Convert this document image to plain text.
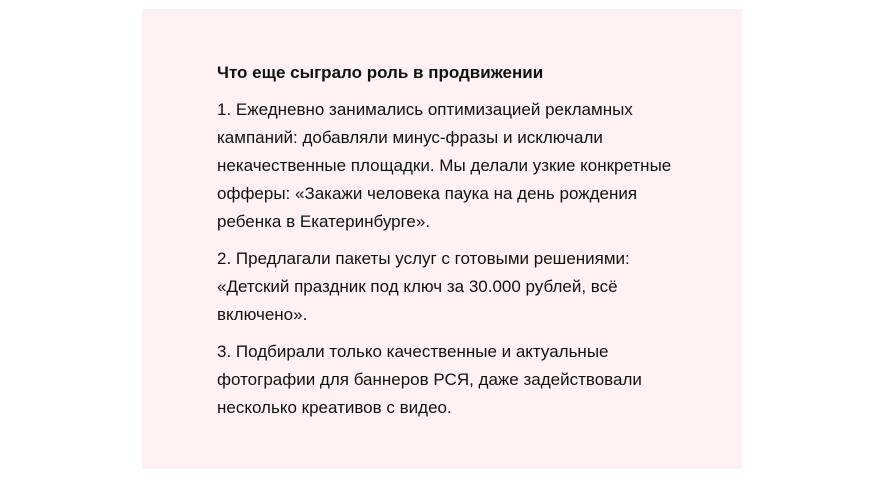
Что еще сыграло роль в продвижении

1. Ежедневно занимались оптимизацией рекламных кампаний: добавляли минус-фразы и исключали некачественные площадки. Мы делали узкие конкретные офферы: «Закажи человека паука на день рождения ребенка в Екатеринбурге».

2. Предлагали пакеты услуг с готовыми решениями: «Детский праздник под ключ за 30.000 рублей, всё включено».

3. Подбирали только качественные и актуальные фотографии для баннеров РСЯ, даже задействовали несколько креативов с видео.
